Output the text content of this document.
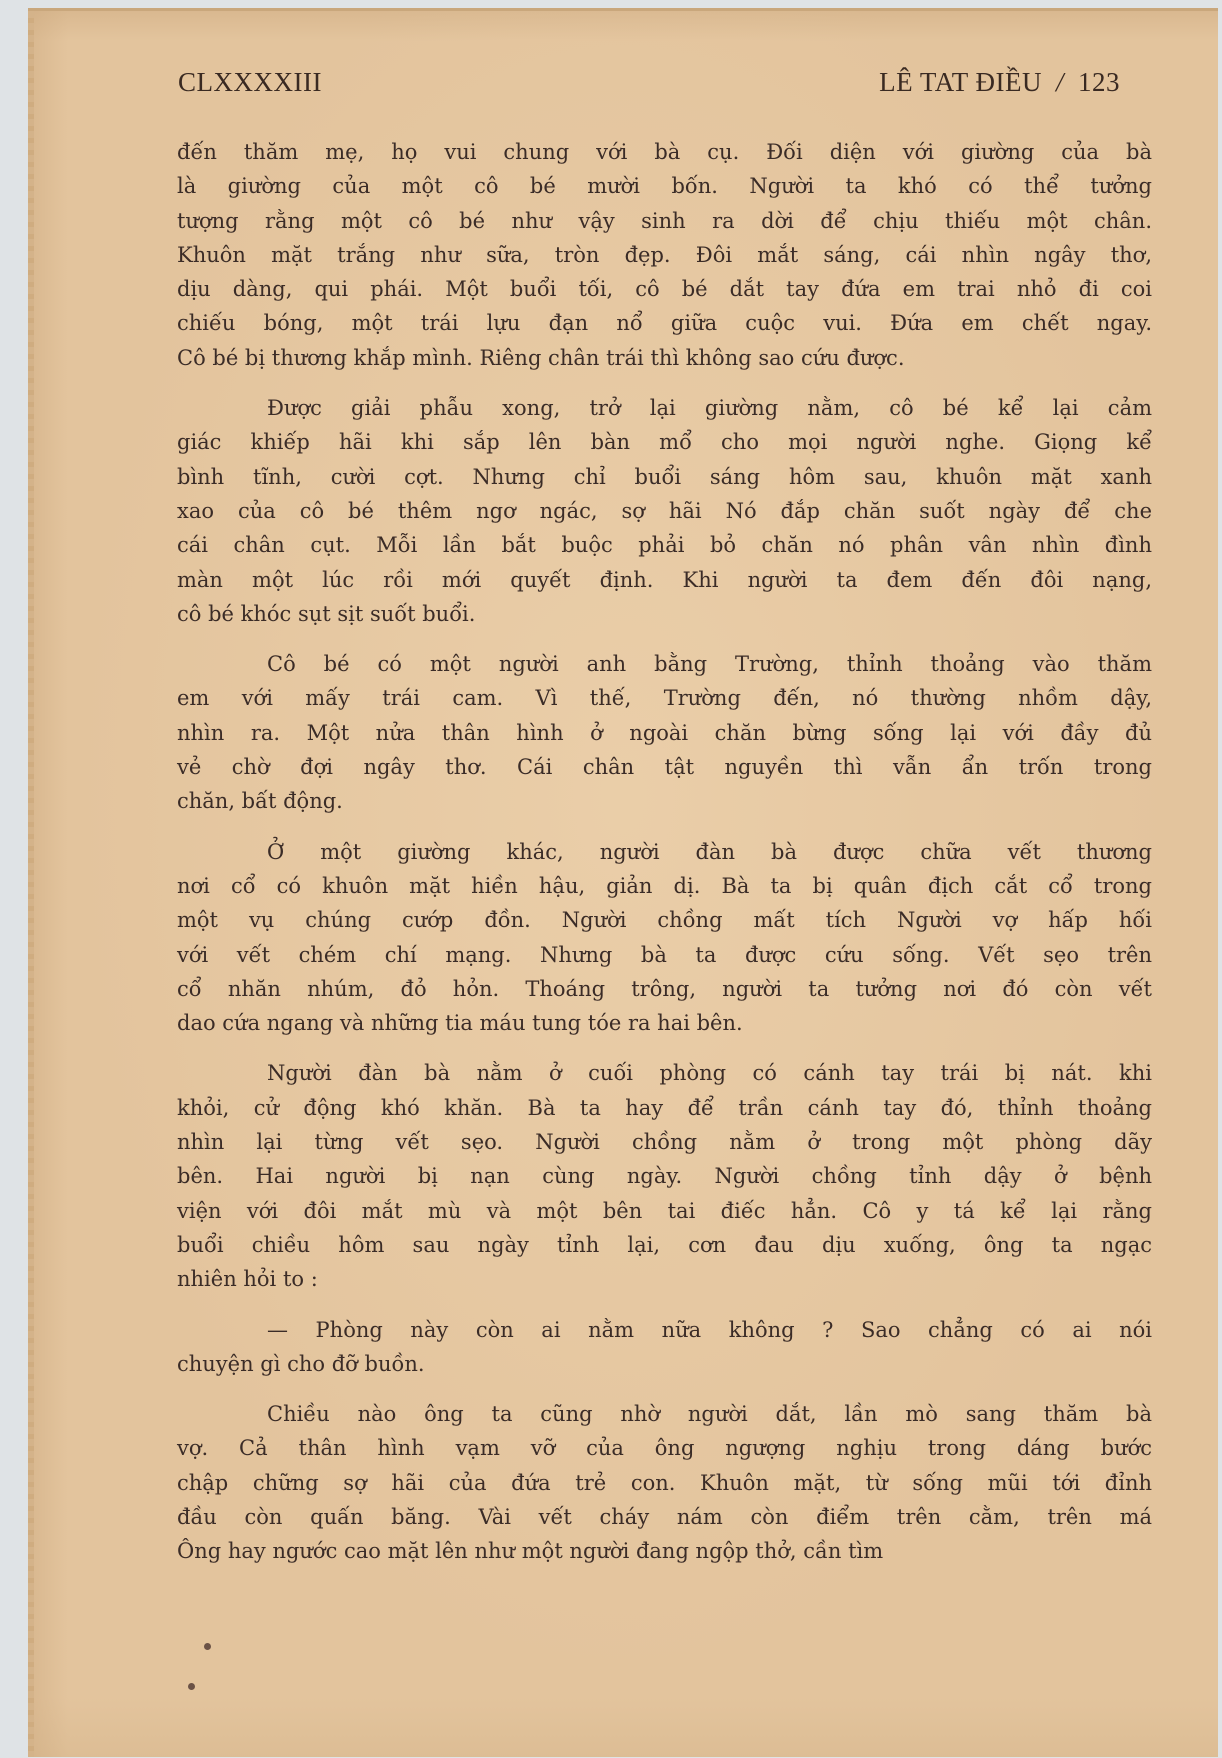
CLXXXXIII	LÊ TAT ĐIỀU / 123
đến thăm mẹ, họ vui chung với bà cụ. Đối diện với giường của bà
là giường của một cô bé mười bốn. Người ta khó có thể tưởng
tượng rằng một cô bé như vậy sinh ra dời để chịu thiếu một chân.
Khuôn mặt trắng như sữa, tròn đẹp. Đôi mắt sáng, cái nhìn ngây thơ,
dịu dàng, qui phái. Một buổi tối, cô bé dắt tay đứa em trai nhỏ đi coi
chiếu bóng, một trái lựu đạn nổ giữa cuộc vui. Đứa em chết ngay.
Cô bé bị thương khắp mình. Riêng chân trái thì không sao cứu được.
Được giải phẫu xong, trở lại giường nằm, cô bé kể lại cảm
giác khiếp hãi khi sắp lên bàn mổ cho mọi người nghe. Giọng kể
bình tĩnh, cười cợt. Nhưng chỉ buổi sáng hôm sau, khuôn mặt xanh
xao của cô bé thêm ngơ ngác, sợ hãi Nó đắp chăn suốt ngày để che
cái chân cụt. Mỗi lần bắt buộc phải bỏ chăn nó phân vân nhìn đình
màn một lúc rồi mới quyết định. Khi người ta đem đến đôi nạng,
cô bé khóc sụt sịt suốt buổi.
Cô bé có một người anh bằng Trường, thỉnh thoảng vào thăm
em với mấy trái cam. Vì thế, Trường đến, nó thường nhồm dậy,
nhìn ra. Một nửa thân hình ở ngoài chăn bừng sống lại với đầy đủ
vẻ chờ đợi ngây thơ. Cái chân tật nguyền thì vẫn ẩn trốn trong
chăn, bất động.
Ở một giường khác, người đàn bà được chữa vết thương
nơi cổ có khuôn mặt hiền hậu, giản dị. Bà ta bị quân địch cắt cổ trong
một vụ chúng cướp đồn. Người chồng mất tích Người vợ hấp hối
với vết chém chí mạng. Nhưng bà ta được cứu sống. Vết sẹo trên
cổ nhăn nhúm, đỏ hỏn. Thoáng trông, người ta tưởng nơi đó còn vết
dao cứa ngang và những tia máu tung tóe ra hai bên.
Người đàn bà nằm ở cuối phòng có cánh tay trái bị nát. khi
khỏi, cử động khó khăn. Bà ta hay để trần cánh tay đó, thỉnh thoảng
nhìn lại từng vết sẹo. Người chồng nằm ở trong một phòng dãy
bên. Hai người bị nạn cùng ngày. Người chồng tỉnh dậy ở bệnh
viện với đôi mắt mù và một bên tai điếc hẳn. Cô y tá kể lại rằng
buổi chiều hôm sau ngày tỉnh lại, cơn đau dịu xuống, ông ta ngạc
nhiên hỏi to :
— Phòng này còn ai nằm nữa không ? Sao chẳng có ai nói
chuyện gì cho đỡ buồn.
Chiều nào ông ta cũng nhờ người dắt, lần mò sang thăm bà
vợ. Cả thân hình vạm vỡ của ông ngượng nghịu trong dáng bước
chập chững sợ hãi của đứa trẻ con. Khuôn mặt, từ sống mũi tới đỉnh
đầu còn quấn băng. Vài vết cháy nám còn điểm trên cằm, trên má
Ông hay ngước cao mặt lên như một người đang ngộp thở, cần tìm
